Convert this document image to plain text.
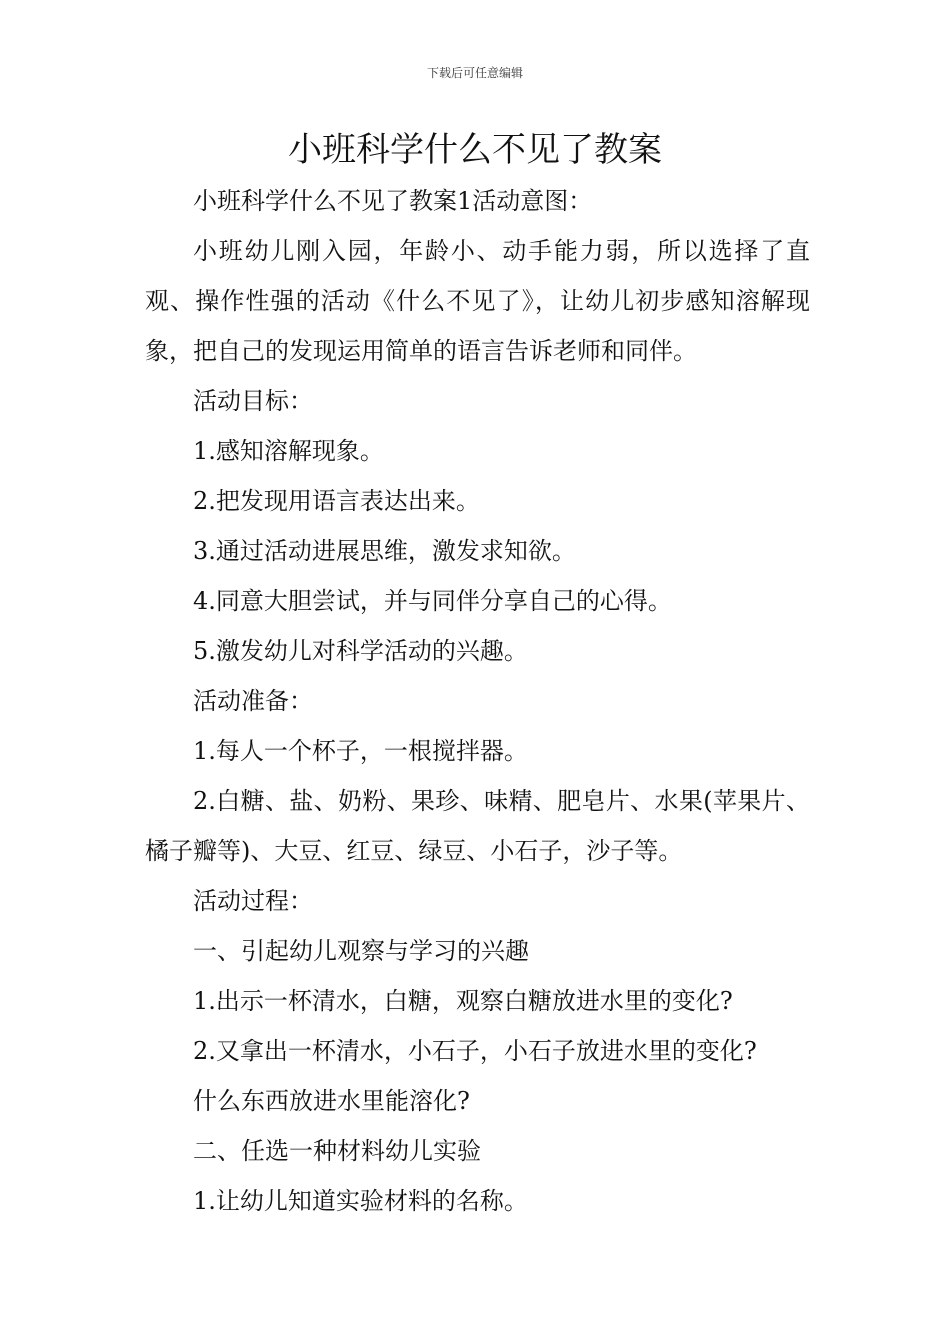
下载后可任意编辑
小班科学什么不见了教案

小班科学什么不见了教案1活动意图：

小班幼儿刚入园，年龄小、动手能力弱，所以选择了直观、操作性强的活动《什么不见了》，让幼儿初步感知溶解现象，把自己的发现运用简单的语言告诉老师和同伴。

活动目标：

1.感知溶解现象。

2.把发现用语言表达出来。

3.通过活动进展思维，激发求知欲。

4.同意大胆尝试，并与同伴分享自己的心得。

5.激发幼儿对科学活动的兴趣。

活动准备：

1.每人一个杯子，一根搅拌器。

2.白糖、盐、奶粉、果珍、味精、肥皂片、水果(苹果片、橘子瓣等)、大豆、红豆、绿豆、小石子，沙子等。

活动过程：

一、引起幼儿观察与学习的兴趣

1.出示一杯清水，白糖，观察白糖放进水里的变化?

2.又拿出一杯清水，小石子，小石子放进水里的变化?

什么东西放进水里能溶化?

二、任选一种材料幼儿实验

1.让幼儿知道实验材料的名称。
